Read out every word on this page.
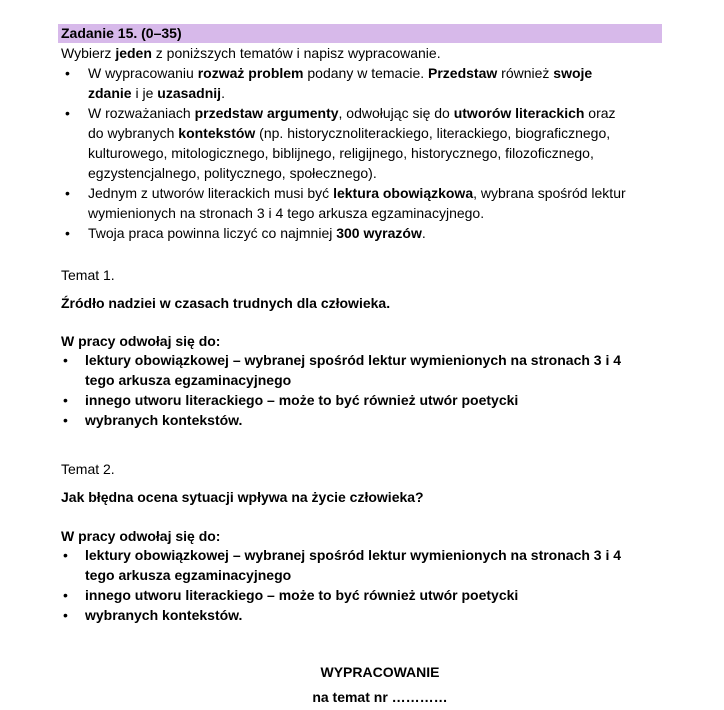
Zadanie 15. (0–35)
Wybierz jeden z poniższych tematów i napisz wypracowanie.
• W wypracowaniu rozważ problem podany w temacie. Przedstaw również swoje
zdanie i je uzasadnij.
• W rozważaniach przedstaw argumenty, odwołując się do utworów literackich oraz
do wybranych kontekstów (np. historycznoliterackiego, literackiego, biograficznego,
kulturowego, mitologicznego, biblijnego, religijnego, historycznego, filozoficznego,
egzystencjalnego, politycznego, społecznego).
• Jednym z utworów literackich musi być lektura obowiązkowa, wybrana spośród lektur
wymienionych na stronach 3 i 4 tego arkusza egzaminacyjnego.
• Twoja praca powinna liczyć co najmniej 300 wyrazów.
Temat 1.
Źródło nadziei w czasach trudnych dla człowieka.
W pracy odwołaj się do:
• lektury obowiązkowej – wybranej spośród lektur wymienionych na stronach 3 i 4
tego arkusza egzaminacyjnego
• innego utworu literackiego – może to być również utwór poetycki
• wybranych kontekstów.
Temat 2.
Jak błędna ocena sytuacji wpływa na życie człowieka?
W pracy odwołaj się do:
• lektury obowiązkowej – wybranej spośród lektur wymienionych na stronach 3 i 4
tego arkusza egzaminacyjnego
• innego utworu literackiego – może to być również utwór poetycki
• wybranych kontekstów.
WYPRACOWANIE
na temat nr …………
